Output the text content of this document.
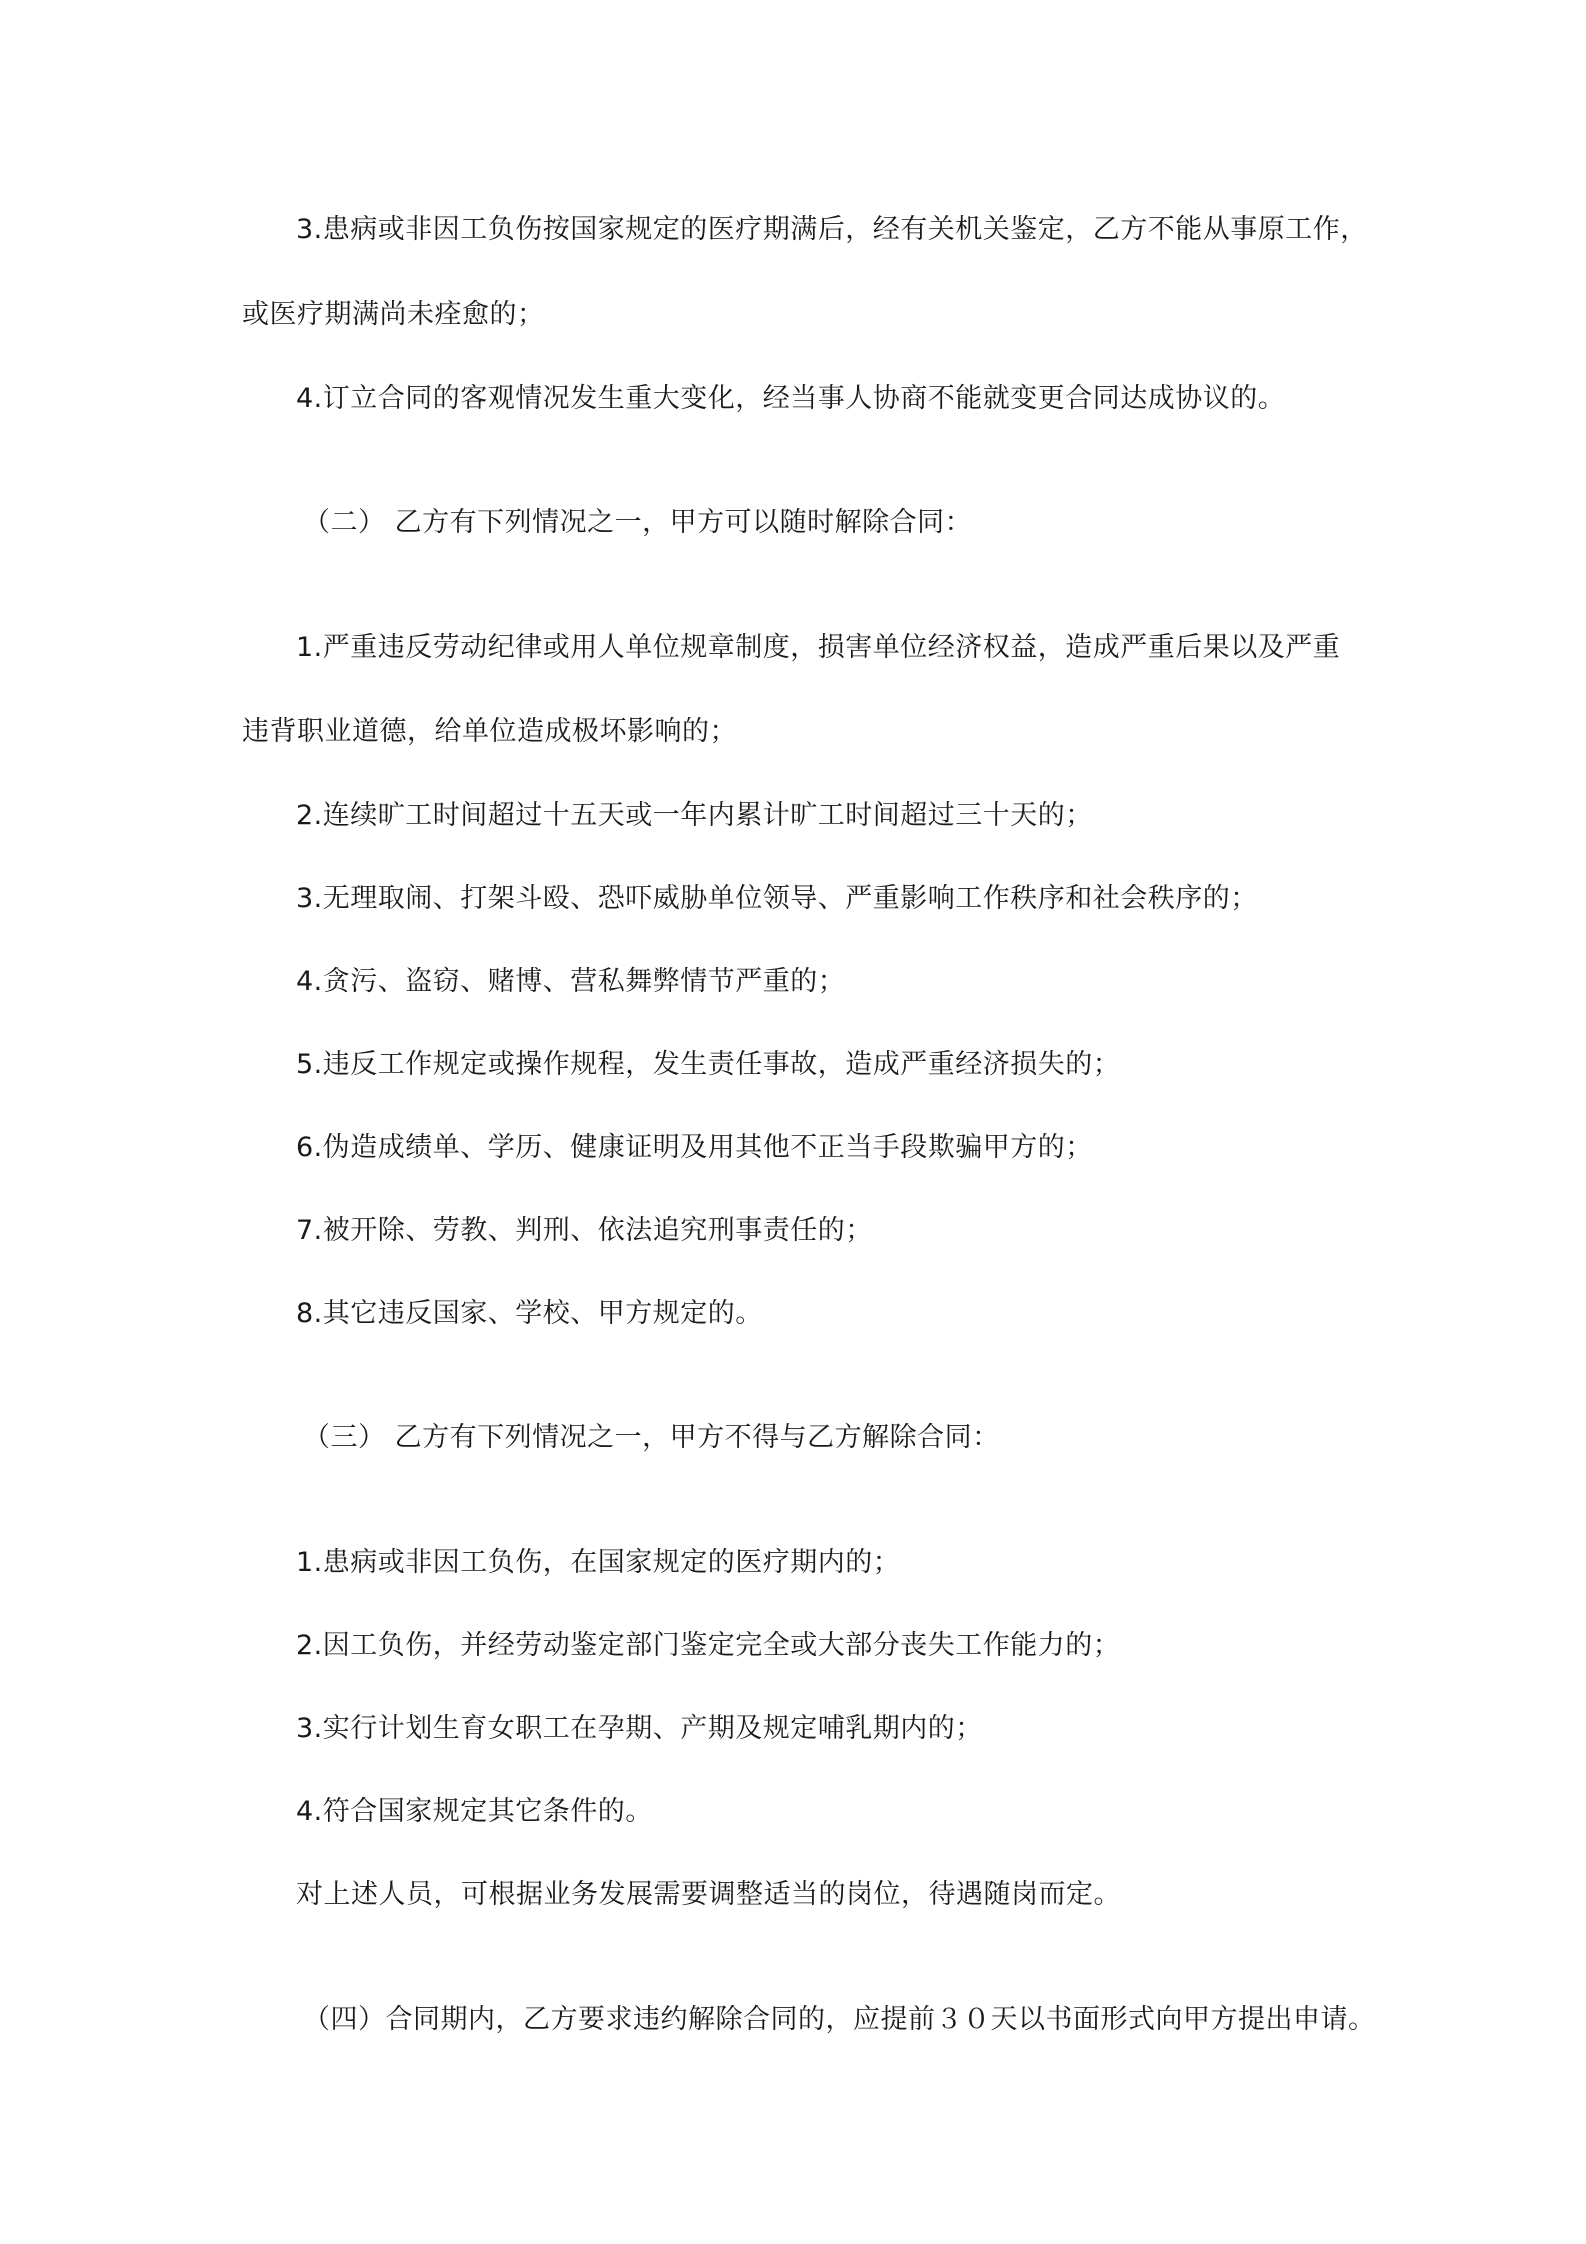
3.患病或非因工负伤按国家规定的医疗期满后，经有关机关鉴定，乙方不能从事原工作，
或医疗期满尚未痊愈的；
4.订立合同的客观情况发生重大变化，经当事人协商不能就变更合同达成协议的。
（二） 乙方有下列情况之一，甲方可以随时解除合同：
1.严重违反劳动纪律或用人单位规章制度，损害单位经济权益，造成严重后果以及严重
违背职业道德，给单位造成极坏影响的；
2.连续旷工时间超过十五天或一年内累计旷工时间超过三十天的；
3.无理取闹、打架斗殴、恐吓威胁单位领导、严重影响工作秩序和社会秩序的；
4.贪污、盗窃、赌博、营私舞弊情节严重的；
5.违反工作规定或操作规程，发生责任事故，造成严重经济损失的；
6.伪造成绩单、学历、健康证明及用其他不正当手段欺骗甲方的；
7.被开除、劳教、判刑、依法追究刑事责任的；
8.其它违反国家、学校、甲方规定的。
（三） 乙方有下列情况之一，甲方不得与乙方解除合同：
1.患病或非因工负伤，在国家规定的医疗期内的；
2.因工负伤，并经劳动鉴定部门鉴定完全或大部分丧失工作能力的；
3.实行计划生育女职工在孕期、产期及规定哺乳期内的；
4.符合国家规定其它条件的。
对上述人员，可根据业务发展需要调整适当的岗位，待遇随岗而定。
（四）合同期内，乙方要求违约解除合同的，应提前３０天以书面形式向甲方提出申请。
